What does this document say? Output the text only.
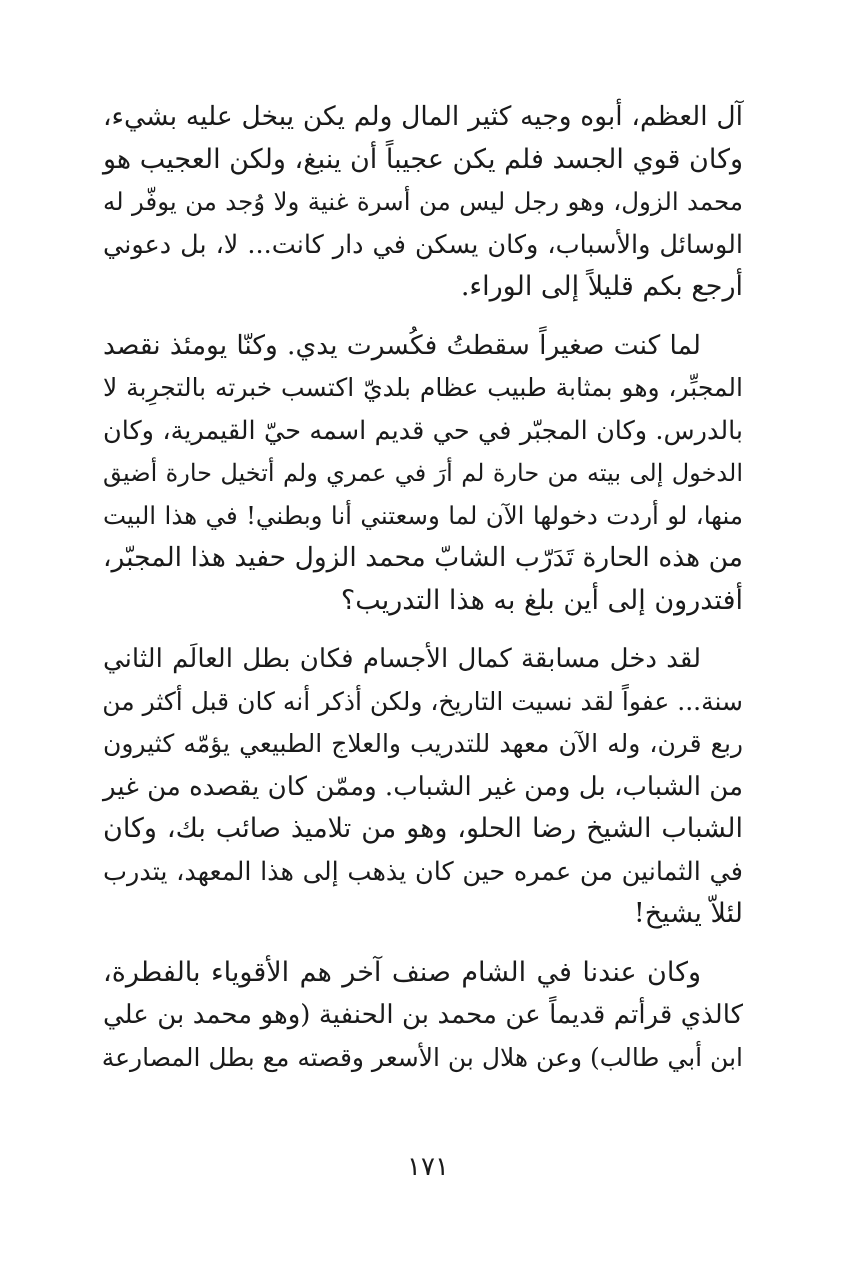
آل العظم، أبوه وجيه كثير المال ولم يكن يبخل عليه بشيء،
وكان قوي الجسد فلم يكن عجيباً أن ينبغ، ولكن العجيب هو
محمد الزول، وهو رجل ليس من أسرة غنية ولا وُجد من يوفّر له
الوسائل والأسباب، وكان يسكن في دار كانت... لا، بل دعوني
أرجع بكم قليلاً إلى الوراء.
لما كنت صغيراً سقطتُ فكُسرت يدي. وكنّا يومئذ نقصد
المجبِّر، وهو بمثابة طبيب عظام بلديّ اكتسب خبرته بالتجرِبة لا
بالدرس. وكان المجبّر في حي قديم اسمه حيّ القيمرية، وكان
الدخول إلى بيته من حارة لم أرَ في عمري ولم أتخيل حارة أضيق
منها، لو أردت دخولها الآن لما وسعتني أنا وبطني! في هذا البيت
من هذه الحارة تَدَرّب الشابّ محمد الزول حفيد هذا المجبّر،
أفتدرون إلى أين بلغ به هذا التدريب؟
لقد دخل مسابقة كمال الأجسام فكان بطل العالَم الثاني
سنة... عفواً لقد نسيت التاريخ، ولكن أذكر أنه كان قبل أكثر من
ربع قرن، وله الآن معهد للتدريب والعلاج الطبيعي يؤمّه كثيرون
من الشباب، بل ومن غير الشباب. وممّن كان يقصده من غير
الشباب الشيخ رضا الحلو، وهو من تلاميذ صائب بك، وكان
في الثمانين من عمره حين كان يذهب إلى هذا المعهد، يتدرب
لئلاّ يشيخ!
وكان عندنا في الشام صنف آخر هم الأقوياء بالفطرة،
كالذي قرأتم قديماً عن محمد بن الحنفية (وهو محمد بن علي
ابن أبي طالب) وعن هلال بن الأسعر وقصته مع بطل المصارعة
١٧١
